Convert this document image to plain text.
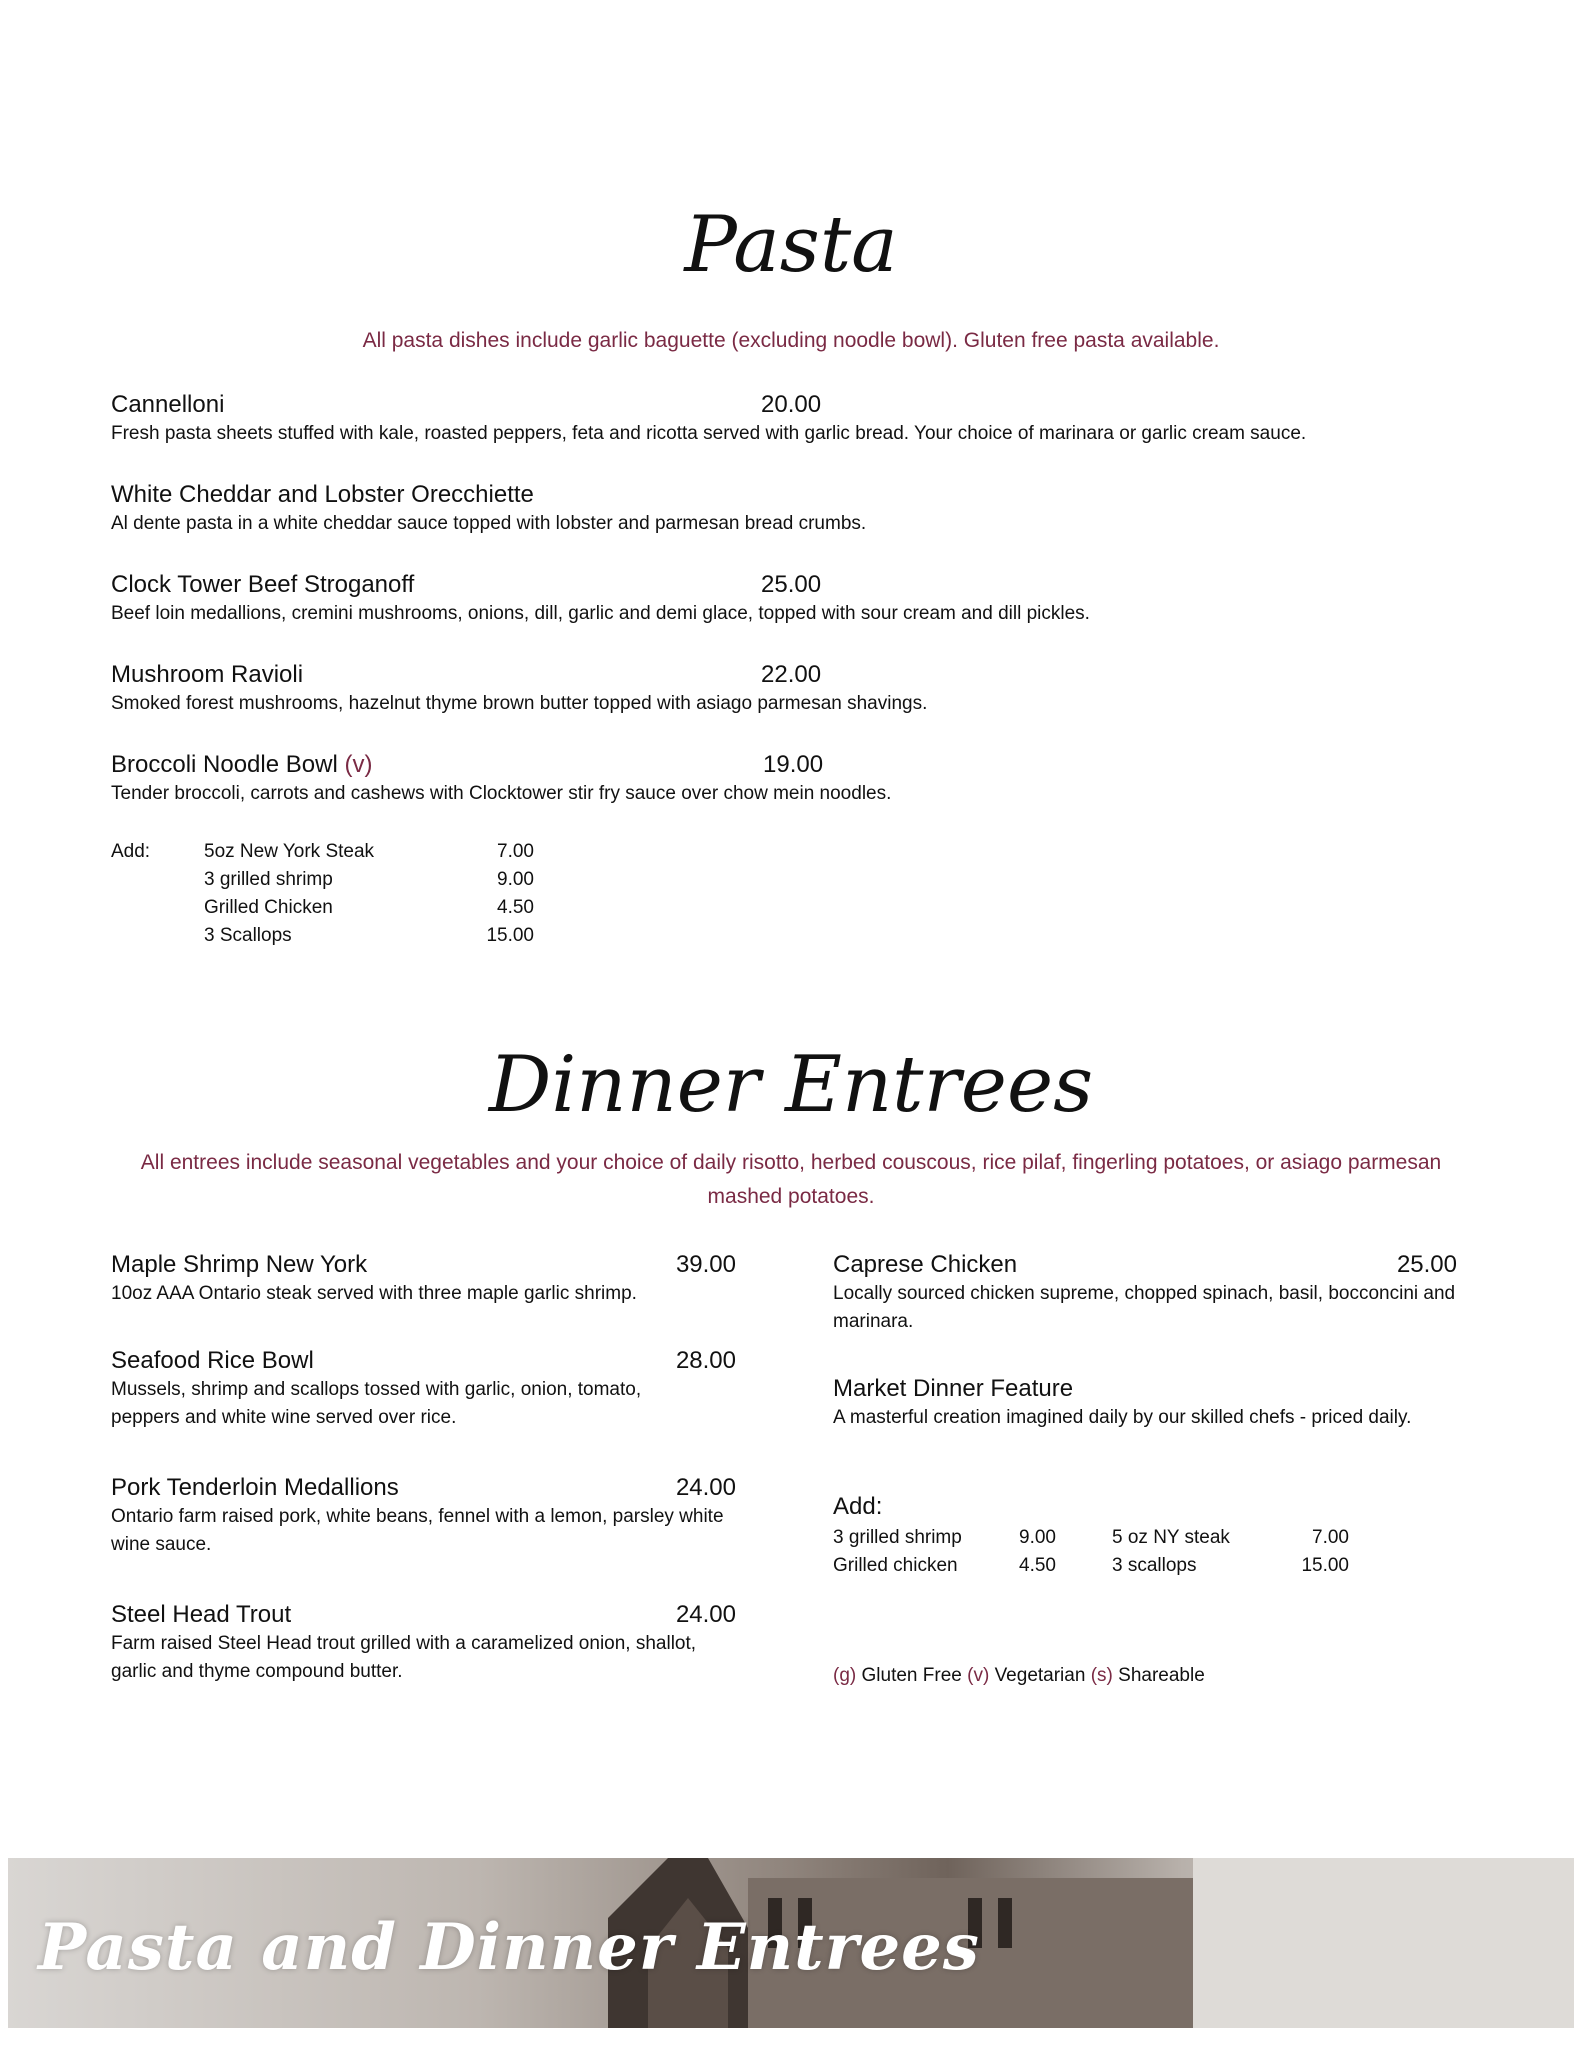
Pasta

All pasta dishes include garlic baguette (excluding noodle bowl). Gluten free pasta available.

Cannelloni	20.00
Fresh pasta sheets stuffed with kale, roasted peppers, feta and ricotta served with garlic bread. Your choice of marinara or garlic cream sauce.
White Cheddar and Lobster Orecchiette
Al dente pasta in a white cheddar sauce topped with lobster and parmesan bread crumbs.
Clock Tower Beef Stroganoff	25.00
Beef loin medallions, cremini mushrooms, onions, dill, garlic and demi glace, topped with sour cream and dill pickles.
Mushroom Ravioli	22.00
Smoked forest mushrooms, hazelnut thyme brown butter topped with asiago parmesan shavings.
Broccoli Noodle Bowl (v)	19.00
Tender broccoli, carrots and cashews with Clocktower stir fry sauce over chow mein noodles.
Add:	5oz New York Steak	7.00
3 grilled shrimp	9.00
Grilled Chicken	4.50
3 Scallops	15.00
Dinner Entrees

All entrees include seasonal vegetables and your choice of daily risotto, herbed couscous, rice pilaf, fingerling potatoes, or asiago parmesan mashed potatoes.

Maple Shrimp New York	39.00
10oz AAA Ontario steak served with three maple garlic shrimp.
Seafood Rice Bowl	28.00
Mussels, shrimp and scallops tossed with garlic, onion, tomato, peppers and white wine served over rice.
Pork Tenderloin Medallions	24.00
Ontario farm raised pork, white beans, fennel with a lemon, parsley white wine sauce.
Steel Head Trout	24.00
Farm raised Steel Head trout grilled with a caramelized onion, shallot, garlic and thyme compound butter.
Caprese Chicken	25.00
Locally sourced chicken supreme, chopped spinach, basil, bocconcini and marinara.
Market Dinner Feature
A masterful creation imagined daily by our skilled chefs - priced daily.
Add:
3 grilled shrimp	9.00
Grilled chicken	4.50
5 oz NY steak	7.00
3 scallops	15.00
(g) Gluten Free (v) Vegetarian (s) Shareable
Pasta and Dinner Entrees
